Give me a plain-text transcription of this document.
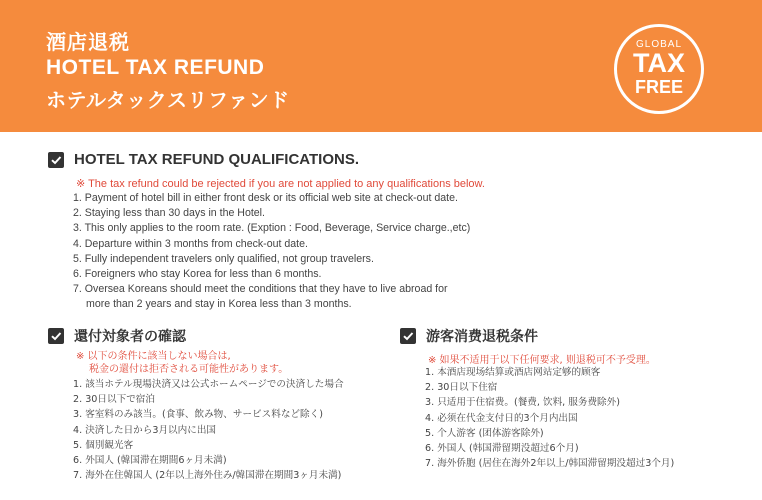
酒店退税
HOTEL TAX REFUND
ホテルタックスリファンド
GLOBAL
TAX
FREE
HOTEL TAX REFUND QUALIFICATIONS.
※ The tax refund could be rejected if you are not applied to any qualifications below.
1. Payment of hotel bill in either front desk or its official web site at check-out date.
2. Staying less than 30 days in the Hotel.
3. This only applies to the room rate. (Exption : Food, Beverage, Service charge.,etc)
4. Departure within 3 months from check-out date.
5. Fully independent travelers only qualified, not group travelers.
6. Foreigners who stay Korea for less than 6 months.
7. Oversea Koreans should meet the conditions that they have to live abroad for
more than 2 years and stay in Korea less than 3 months.
還付対象者の確認
※ 以下の条件に該当しない場合は,
税金の還付は拒否される可能性があります。
1. 該当ホテル現場決済又は公式ホームページでの決済した場合
2. 30日以下で宿泊
3. 客室料のみ該当。(食事、飲み物、サービス料など除く)
4. 決済した日から3月以内に出国
5. 個別観光客
6. 外国人 (韓国滞在期間6ヶ月未満)
7. 海外在住韓国人 (2年以上海外住み/韓国滞在期間3ヶ月未満)
游客消费退税条件
※ 如果不适用于以下任何要求, 则退税可不予受理。
1. 本酒店现场结算或酒店网站定够的顾客
2. 30日以下住宿
3. 只适用于住宿费。(餐费, 饮料, 服务费除外)
4. 必须在代金支付日的3个月内出国
5. 个人游客 (团体游客除外)
6. 外国人 (韩国滞留期没超过6个月)
7. 海外侨胞 (居住在海外2年以上/韩国滞留期没超过3个月)
